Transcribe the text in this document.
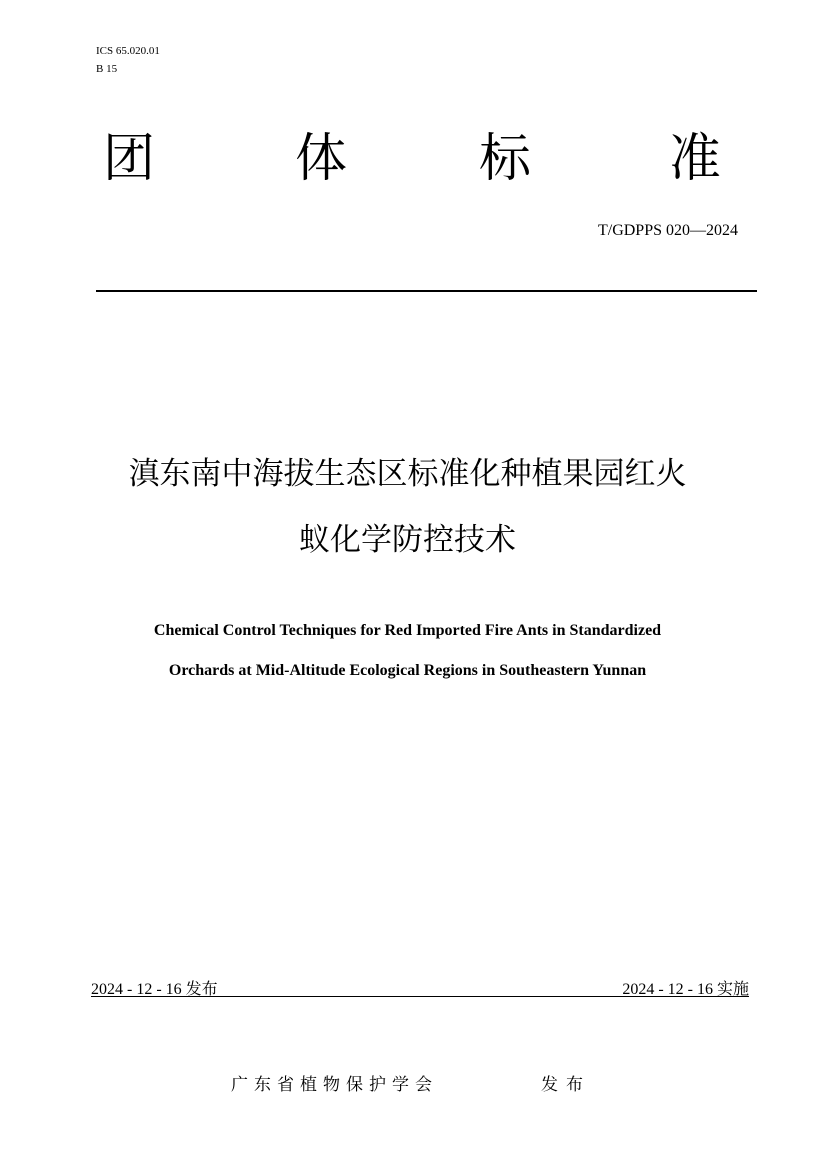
ICS 65.020.01
B 15
团	体	标	准
T/GDPPS 020—2024
滇东南中海拔生态区标准化种植果园红火
蚁化学防控技术
Chemical Control Techniques for Red Imported Fire Ants in Standardized
Orchards at Mid-Altitude Ecological Regions in Southeastern Yunnan
2024 - 12 - 16 发布	2024 - 12 - 16 实施
广东省植物保护学会	发布
